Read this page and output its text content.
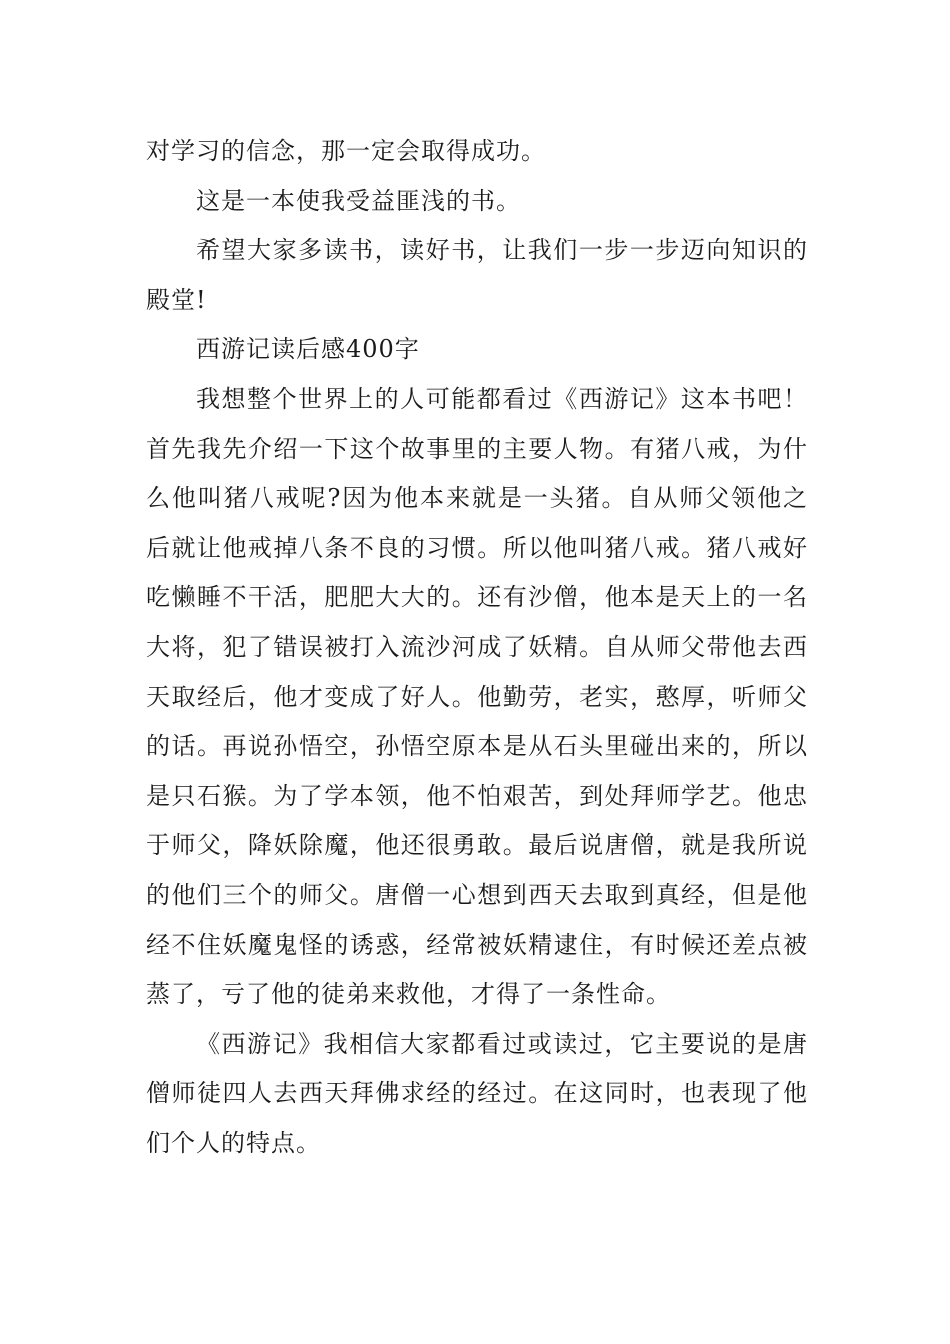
对学习的信念，那一定会取得成功。

这是一本使我受益匪浅的书。

希望大家多读书，读好书，让我们一步一步迈向知识的殿堂!

西游记读后感400字

我想整个世界上的人可能都看过《西游记》这本书吧！首先我先介绍一下这个故事里的主要人物。有猪八戒，为什么他叫猪八戒呢?因为他本来就是一头猪。自从师父领他之后就让他戒掉八条不良的习惯。所以他叫猪八戒。猪八戒好吃懒睡不干活，肥肥大大的。还有沙僧，他本是天上的一名大将，犯了错误被打入流沙河成了妖精。自从师父带他去西天取经后，他才变成了好人。他勤劳，老实，憨厚，听师父的话。再说孙悟空，孙悟空原本是从石头里碰出来的，所以是只石猴。为了学本领，他不怕艰苦，到处拜师学艺。他忠于师父，降妖除魔，他还很勇敢。最后说唐僧，就是我所说的他们三个的师父。唐僧一心想到西天去取到真经，但是他经不住妖魔鬼怪的诱惑，经常被妖精逮住，有时候还差点被蒸了，亏了他的徒弟来救他，才得了一条性命。

《西游记》我相信大家都看过或读过，它主要说的是唐僧师徒四人去西天拜佛求经的经过。在这同时，也表现了他们个人的特点。
